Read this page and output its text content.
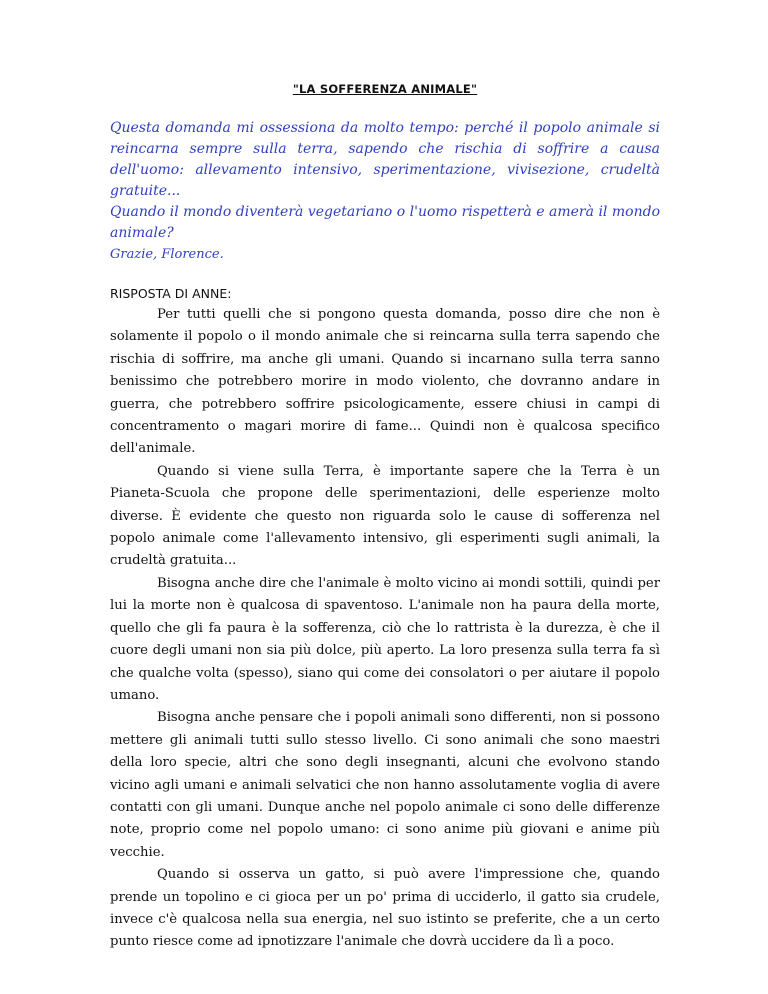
"LA SOFFERENZA ANIMALE"

Questa domanda mi ossessiona da molto tempo: perché il popolo animale si reincarna sempre sulla terra, sapendo che rischia di soffrire a causa dell'uomo: allevamento intensivo, sperimentazione, vivisezione, crudeltà gratuite...

Quando il mondo diventerà vegetariano o l'uomo rispetterà e amerà il mondo animale?

Grazie, Florence.

RISPOSTA DI ANNE:

Per tutti quelli che si pongono questa domanda, posso dire che non è solamente il popolo o il mondo animale che si reincarna sulla terra sapendo che rischia di soffrire, ma anche gli umani. Quando si incarnano sulla terra sanno benissimo che potrebbero morire in modo violento, che dovranno andare in guerra, che potrebbero soffrire psicologicamente, essere chiusi in campi di concentramento o magari morire di fame... Quindi non è qualcosa specifico dell'animale.

Quando si viene sulla Terra, è importante sapere che la Terra è un Pianeta-Scuola che propone delle sperimentazioni, delle esperienze molto diverse. È evidente che questo non riguarda solo le cause di sofferenza nel popolo animale come l'allevamento intensivo, gli esperimenti sugli animali, la crudeltà gratuita...

Bisogna anche dire che l'animale è molto vicino ai mondi sottili, quindi per lui la morte non è qualcosa di spaventoso. L'animale non ha paura della morte, quello che gli fa paura è la sofferenza, ciò che lo rattrista è la durezza, è che il cuore degli umani non sia più dolce, più aperto. La loro presenza sulla terra fa sì che qualche volta (spesso), siano qui come dei consolatori o per aiutare il popolo umano.

Bisogna anche pensare che i popoli animali sono differenti, non si possono mettere gli animali tutti sullo stesso livello. Ci sono animali che sono maestri della loro specie, altri che sono degli insegnanti, alcuni che evolvono stando vicino agli umani e animali selvatici che non hanno assolutamente voglia di avere contatti con gli umani. Dunque anche nel popolo animale ci sono delle differenze note, proprio come nel popolo umano: ci sono anime più giovani e anime più vecchie.

Quando si osserva un gatto, si può avere l'impressione che, quando prende un topolino e ci gioca per un po' prima di ucciderlo, il gatto sia crudele, invece c'è qualcosa nella sua energia, nel suo istinto se preferite, che a un certo punto riesce come ad ipnotizzare l'animale che dovrà uccidere da lì a poco.
